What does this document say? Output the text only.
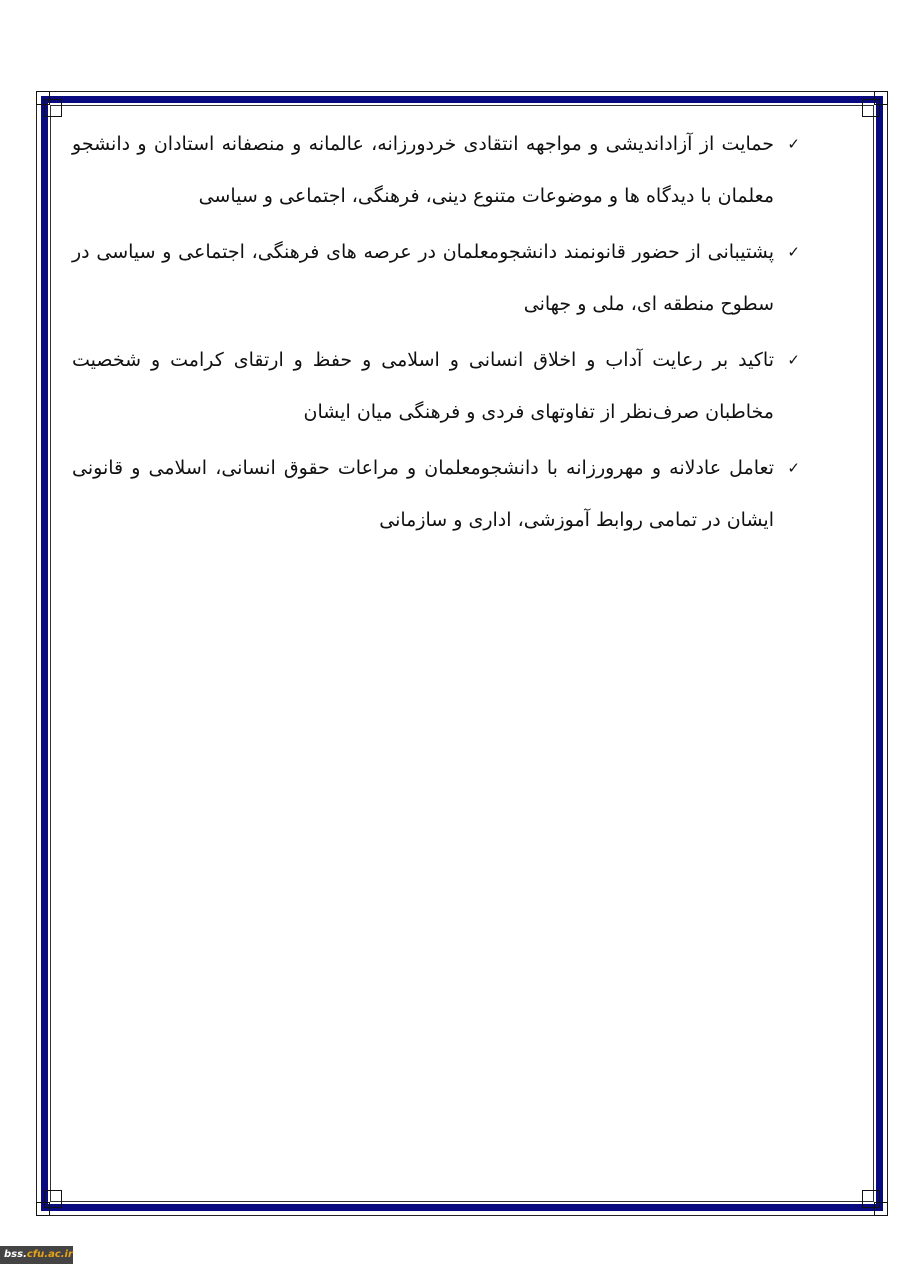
✓
حمایت از آزاداندیشی و مواجهه انتقادی خردورزانه، عالمانه و منصفانه استادان و دانشجو معلمان با دیدگاه ها و موضوعات متنوع دینی، فرهنگی، اجتماعی و سیاسی
✓
پشتیبانی از حضور قانونمند دانشجومعلمان در عرصه های فرهنگی، اجتماعی و سیاسی در سطوح منطقه ای، ملی و جهانی
✓
تاکید بر رعایت آداب و اخلاق انسانی و اسلامی و حفظ و ارتقای کرامت و شخصیت مخاطبان صرف‌نظر از تفاوتهای فردی و فرهنگی میان ایشان
✓
تعامل عادلانه و مهرورزانه با دانشجومعلمان و مراعات حقوق انسانی، اسلامی و قانونی ایشان در تمامی روابط آموزشی، اداری و سازمانی
bss.cfu.ac.ir
